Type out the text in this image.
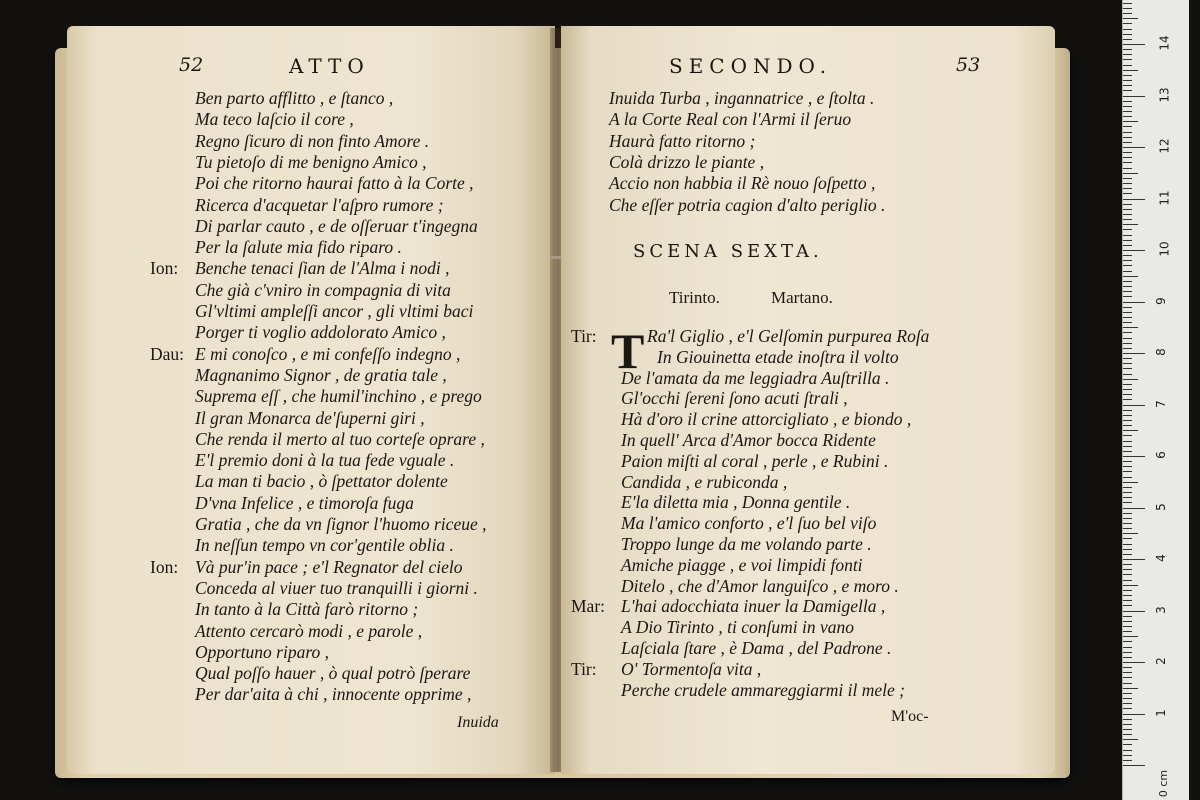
52	ATTO
Ben parto afflitto , e ſtanco ,
Ma teco laſcio il core ,
Regno ſicuro di non finto Amore .
Tu pietoſo di me benigno Amico ,
Poi che ritorno haurai fatto à la Corte ,
Ricerca d'acquetar l'aſpro rumore ;
Di parlar cauto , e de oſſeruar t'ingegna
Per la ſalute mia fido riparo .
Ion: Benche tenaci ſian de l'Alma i nodi ,
Che già c'vniro in compagnia di vita
Gl'vltimi ampleſſi ancor , gli vltimi baci
Porger ti voglio addolorato Amico ,
Dau: E mi conoſco , e mi confeſſo indegno ,
Magnanimo Signor , de gratia tale ,
Suprema eſſ , che humil'inchino , e prego
Il gran Monarca de'ſuperni giri ,
Che renda il merto al tuo corteſe oprare ,
E'l premio doni à la tua fede vguale .
La man ti bacio , ò ſpettator dolente
D'vna Infelice , e timoroſa fuga
Gratia , che da vn ſignor l'huomo riceue ,
In neſſun tempo vn cor'gentile oblia .
Ion: Và pur'in pace ; e'l Regnator del cielo
Conceda al viuer tuo tranquilli i giorni .
In tanto à la Città farò ritorno ;
Attento cercarò modi , e parole ,
Opportuno riparo ,
Qual poſſo hauer , ò qual potrò ſperare
Per dar'aita à chi , innocente opprime ,
Inuida
SECONDO.	53
Inuida Turba , ingannatrice , e ſtolta .
A la Corte Real con l'Armi il ſeruo
Haurà fatto ritorno ;
Colà drizzo le piante ,
Accio non habbia il Rè nouo ſoſpetto ,
Che eſſer potria cagion d'alto periglio .
SCENA SEXTA.
Tirinto.	Martano.
T
Tir:	Ra'l Giglio , e'l Gelſomin purpurea Roſa
In Giouinetta etade inoſtra il volto
De l'amata da me leggiadra Auſtrilla .
Gl'occhi ſereni ſono acuti ſtrali ,
Hà d'oro il crine attorcigliato , e biondo ,
In quell' Arca d'Amor bocca Ridente
Paion miſti al coral , perle , e Rubini .
Candida , e rubiconda ,
E'la diletta mia , Donna gentile .
Ma l'amico conforto , e'l ſuo bel viſo
Troppo lunge da me volando parte .
Amiche piagge , e voi limpidi fonti
Ditelo , che d'Amor languiſco , e moro .
Mar: L'hai adocchiata inuer la Damigella ,
A Dio Tirinto , ti conſumi in vano
Laſciala ſtare , è Dama , del Padrone .
Tir: O' Tormentoſa vita ,
Perche crudele ammareggiarmi il mele ;
M'oc-	1
2
3
4
5
6
7
8
9
10
11
12
13
14
0 cm
